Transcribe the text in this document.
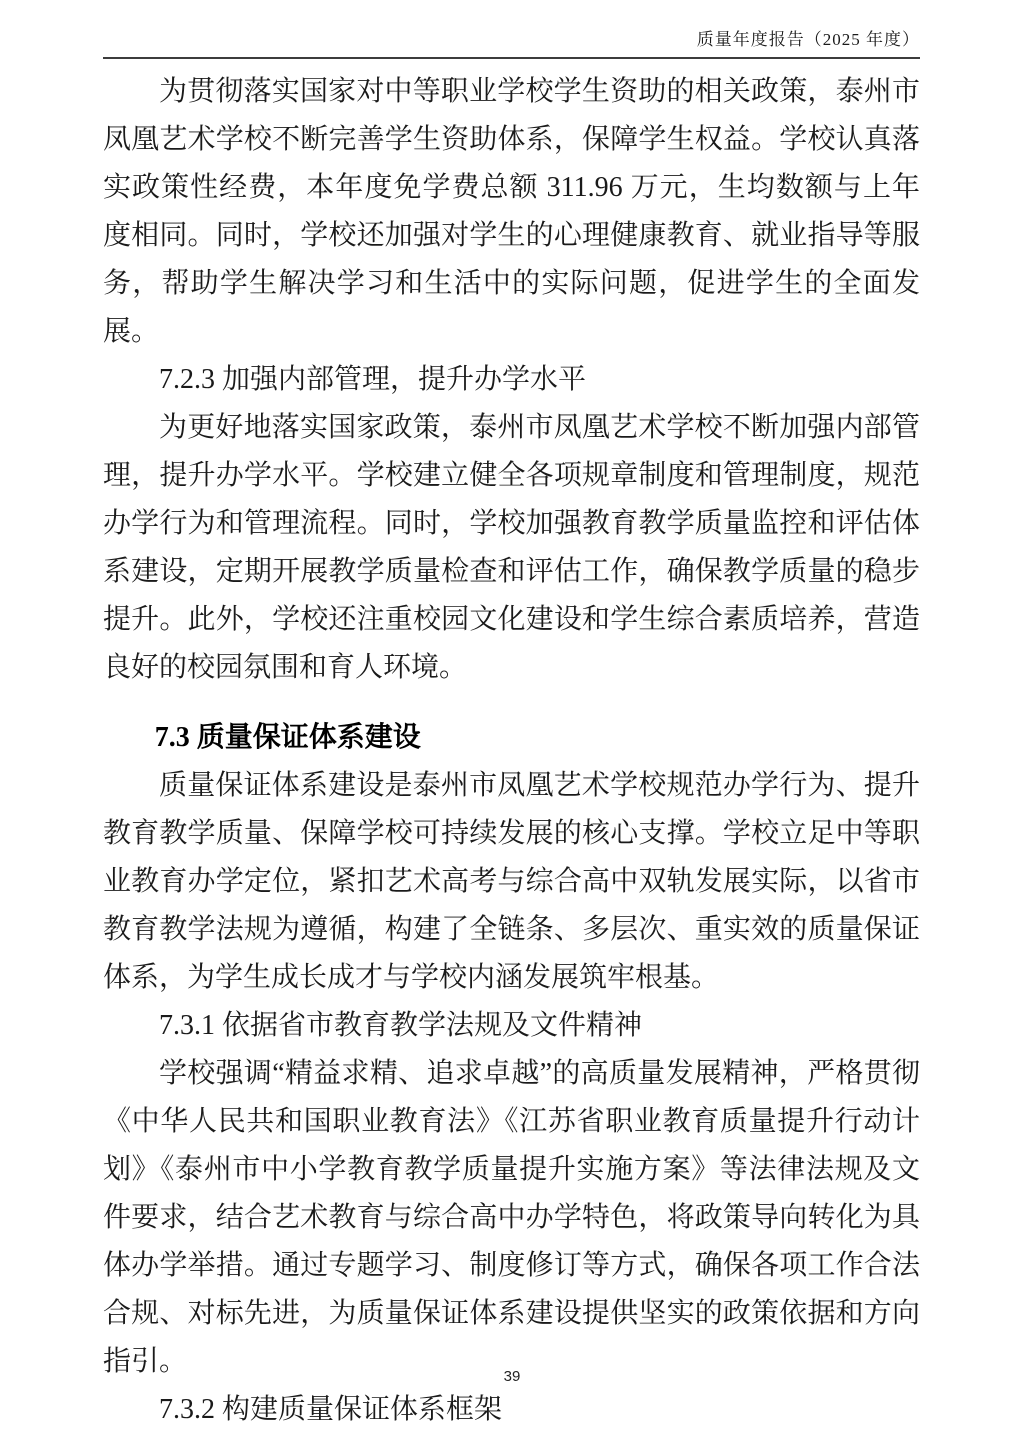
质量年度报告（2025 年度）

为贯彻落实国家对中等职业学校学生资助的相关政策，泰州市凤凰艺术学校不断完善学生资助体系，保障学生权益。学校认真落实政策性经费，本年度免学费总额 311.96 万元，生均数额与上年度相同。同时，学校还加强对学生的心理健康教育、就业指导等服务，帮助学生解决学习和生活中的实际问题，促进学生的全面发展。

7.2.3 加强内部管理，提升办学水平

为更好地落实国家政策，泰州市凤凰艺术学校不断加强内部管理，提升办学水平。学校建立健全各项规章制度和管理制度，规范办学行为和管理流程。同时，学校加强教育教学质量监控和评估体系建设，定期开展教学质量检查和评估工作，确保教学质量的稳步提升。此外，学校还注重校园文化建设和学生综合素质培养，营造良好的校园氛围和育人环境。

7.3 质量保证体系建设

质量保证体系建设是泰州市凤凰艺术学校规范办学行为、提升教育教学质量、保障学校可持续发展的核心支撑。学校立足中等职业教育办学定位，紧扣艺术高考与综合高中双轨发展实际，以省市教育教学法规为遵循，构建了全链条、多层次、重实效的质量保证体系，为学生成长成才与学校内涵发展筑牢根基。

7.3.1 依据省市教育教学法规及文件精神

学校强调“精益求精、追求卓越”的高质量发展精神，严格贯彻《中华人民共和国职业教育法》《江苏省职业教育质量提升行动计划》《泰州市中小学教育教学质量提升实施方案》等法律法规及文件要求，结合艺术教育与综合高中办学特色，将政策导向转化为具体办学举措。通过专题学习、制度修订等方式，确保各项工作合法合规、对标先进，为质量保证体系建设提供坚实的政策依据和方向指引。

7.3.2 构建质量保证体系框架

39
